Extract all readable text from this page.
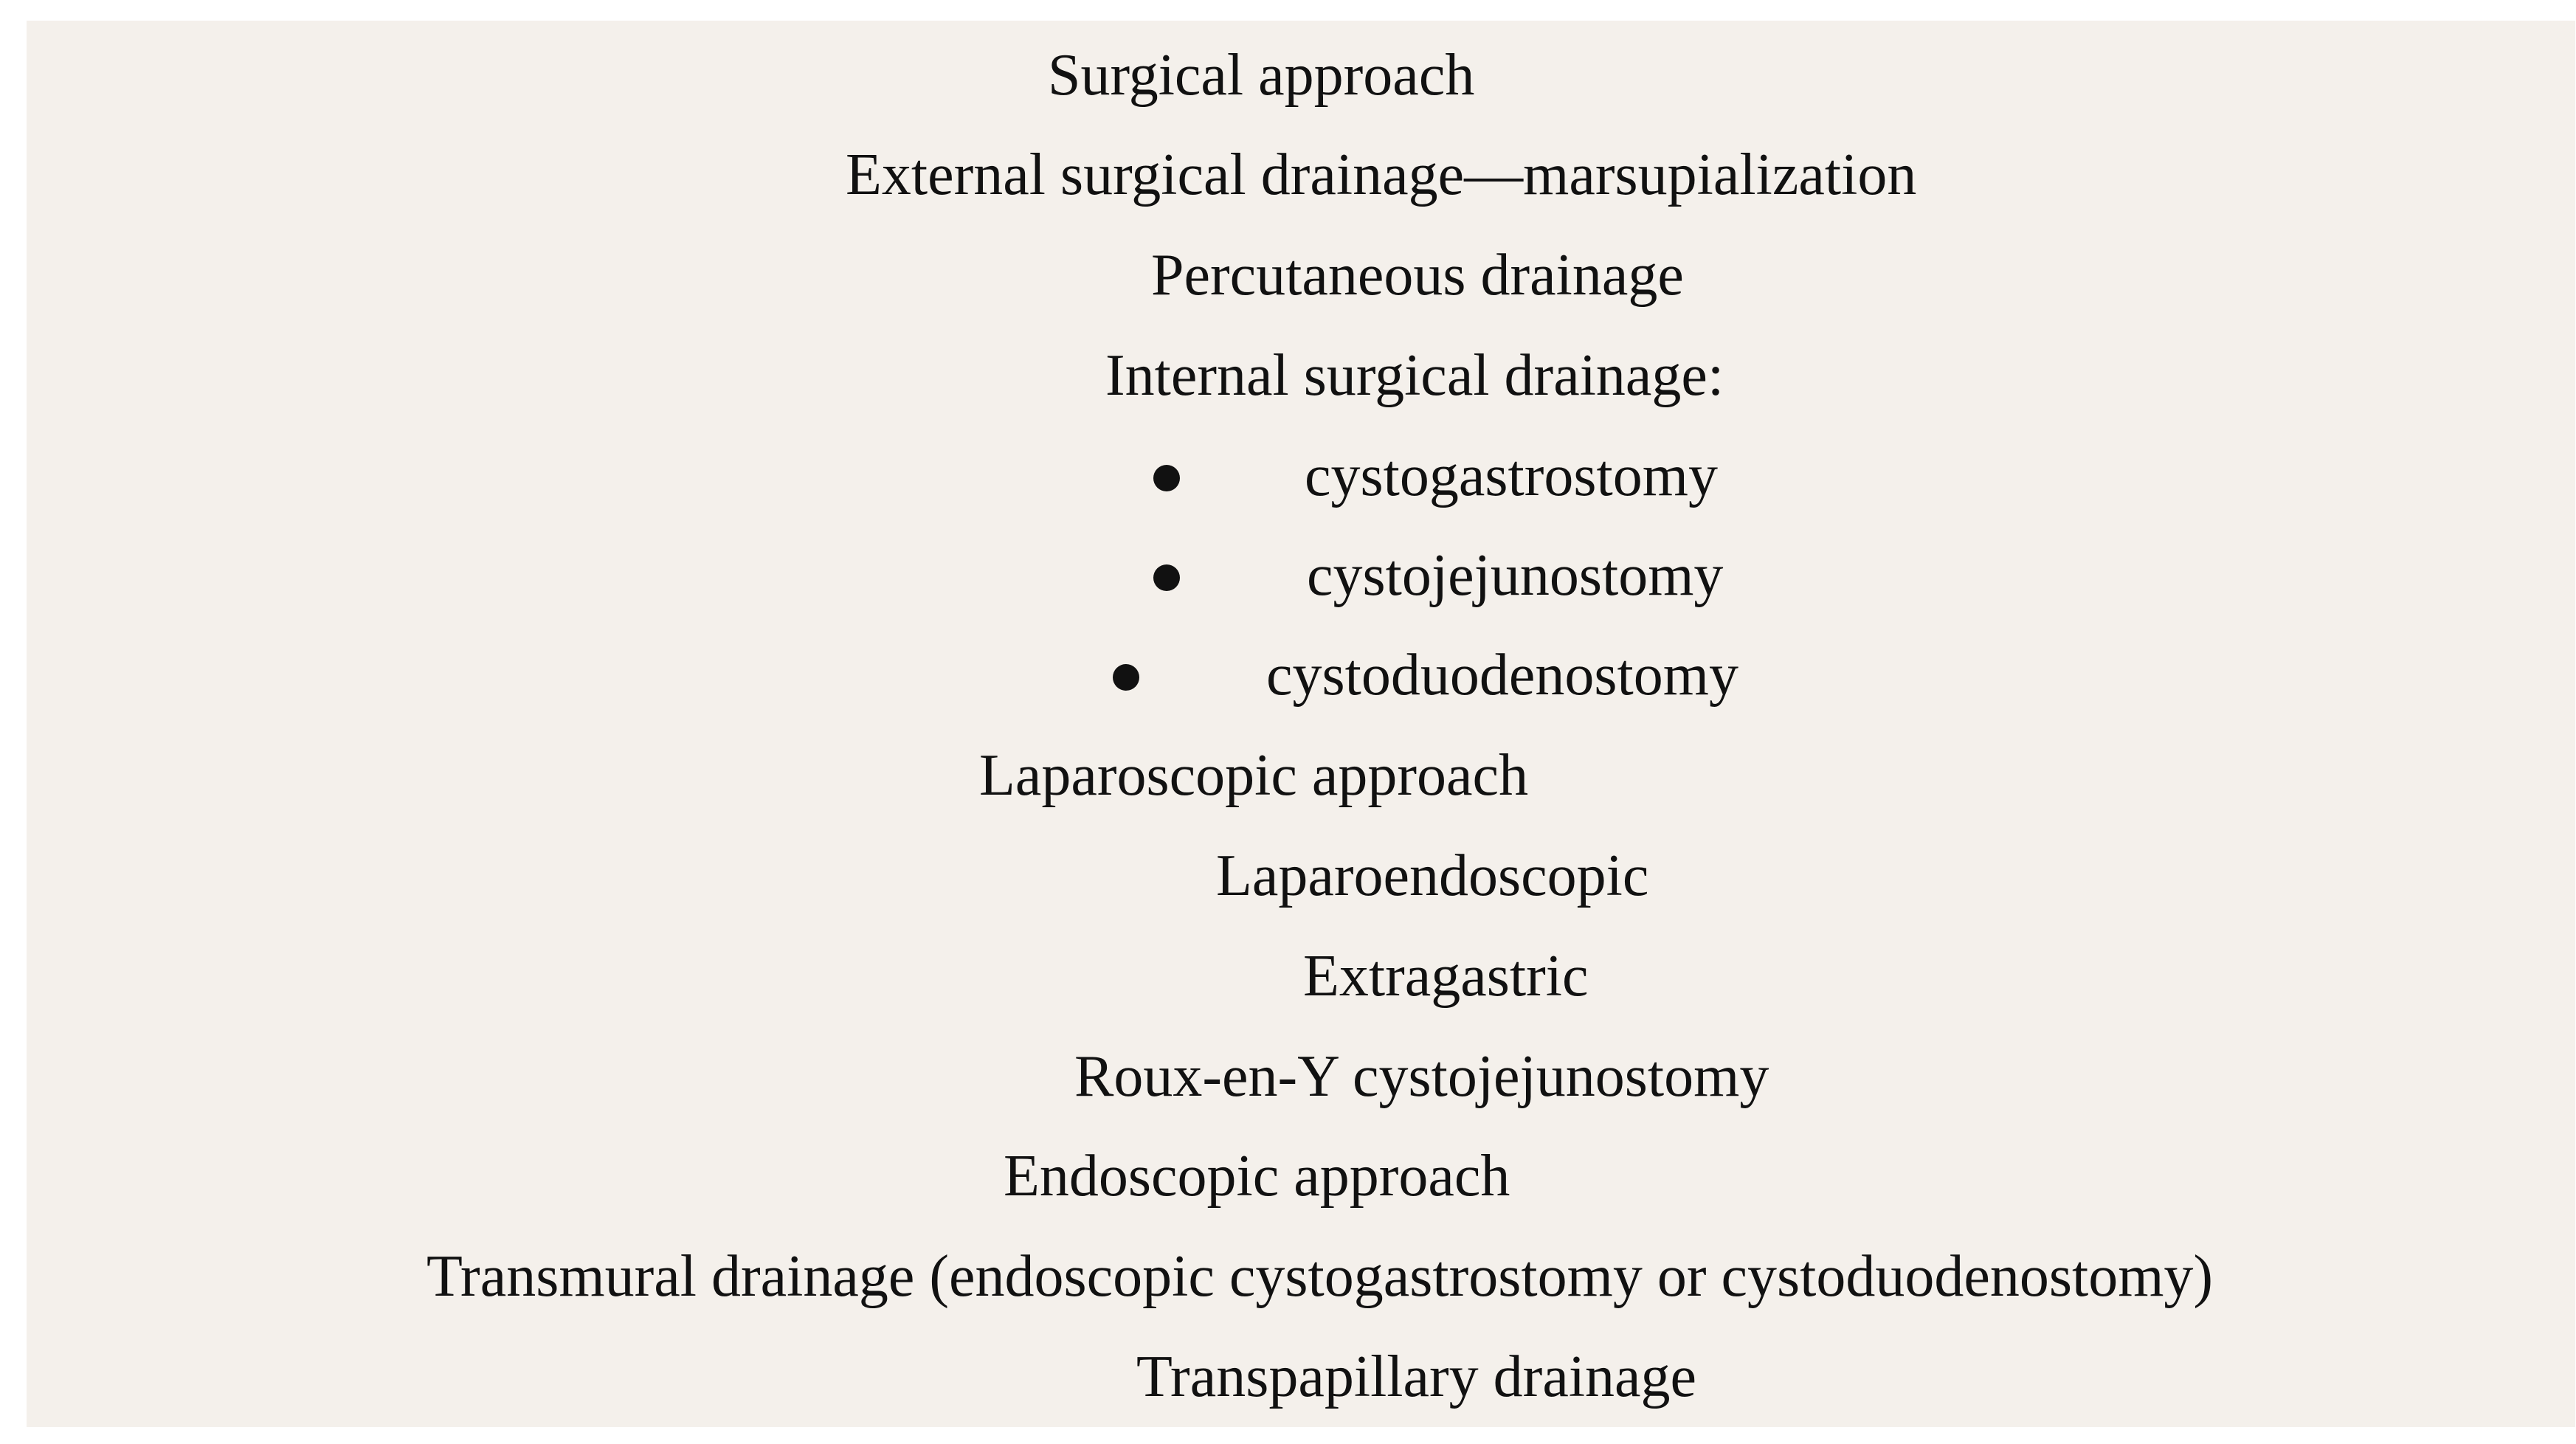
Surgical approach
External surgical drainage—marsupialization
Percutaneous drainage
Internal surgical drainage:
cystogastrostomy
cystojejunostomy
cystoduodenostomy
Laparoscopic approach
Laparoendoscopic
Extragastric
Roux-en-Y cystojejunostomy
Endoscopic approach
Transmural drainage (endoscopic cystogastrostomy or cystoduodenostomy)
Transpapillary drainage
